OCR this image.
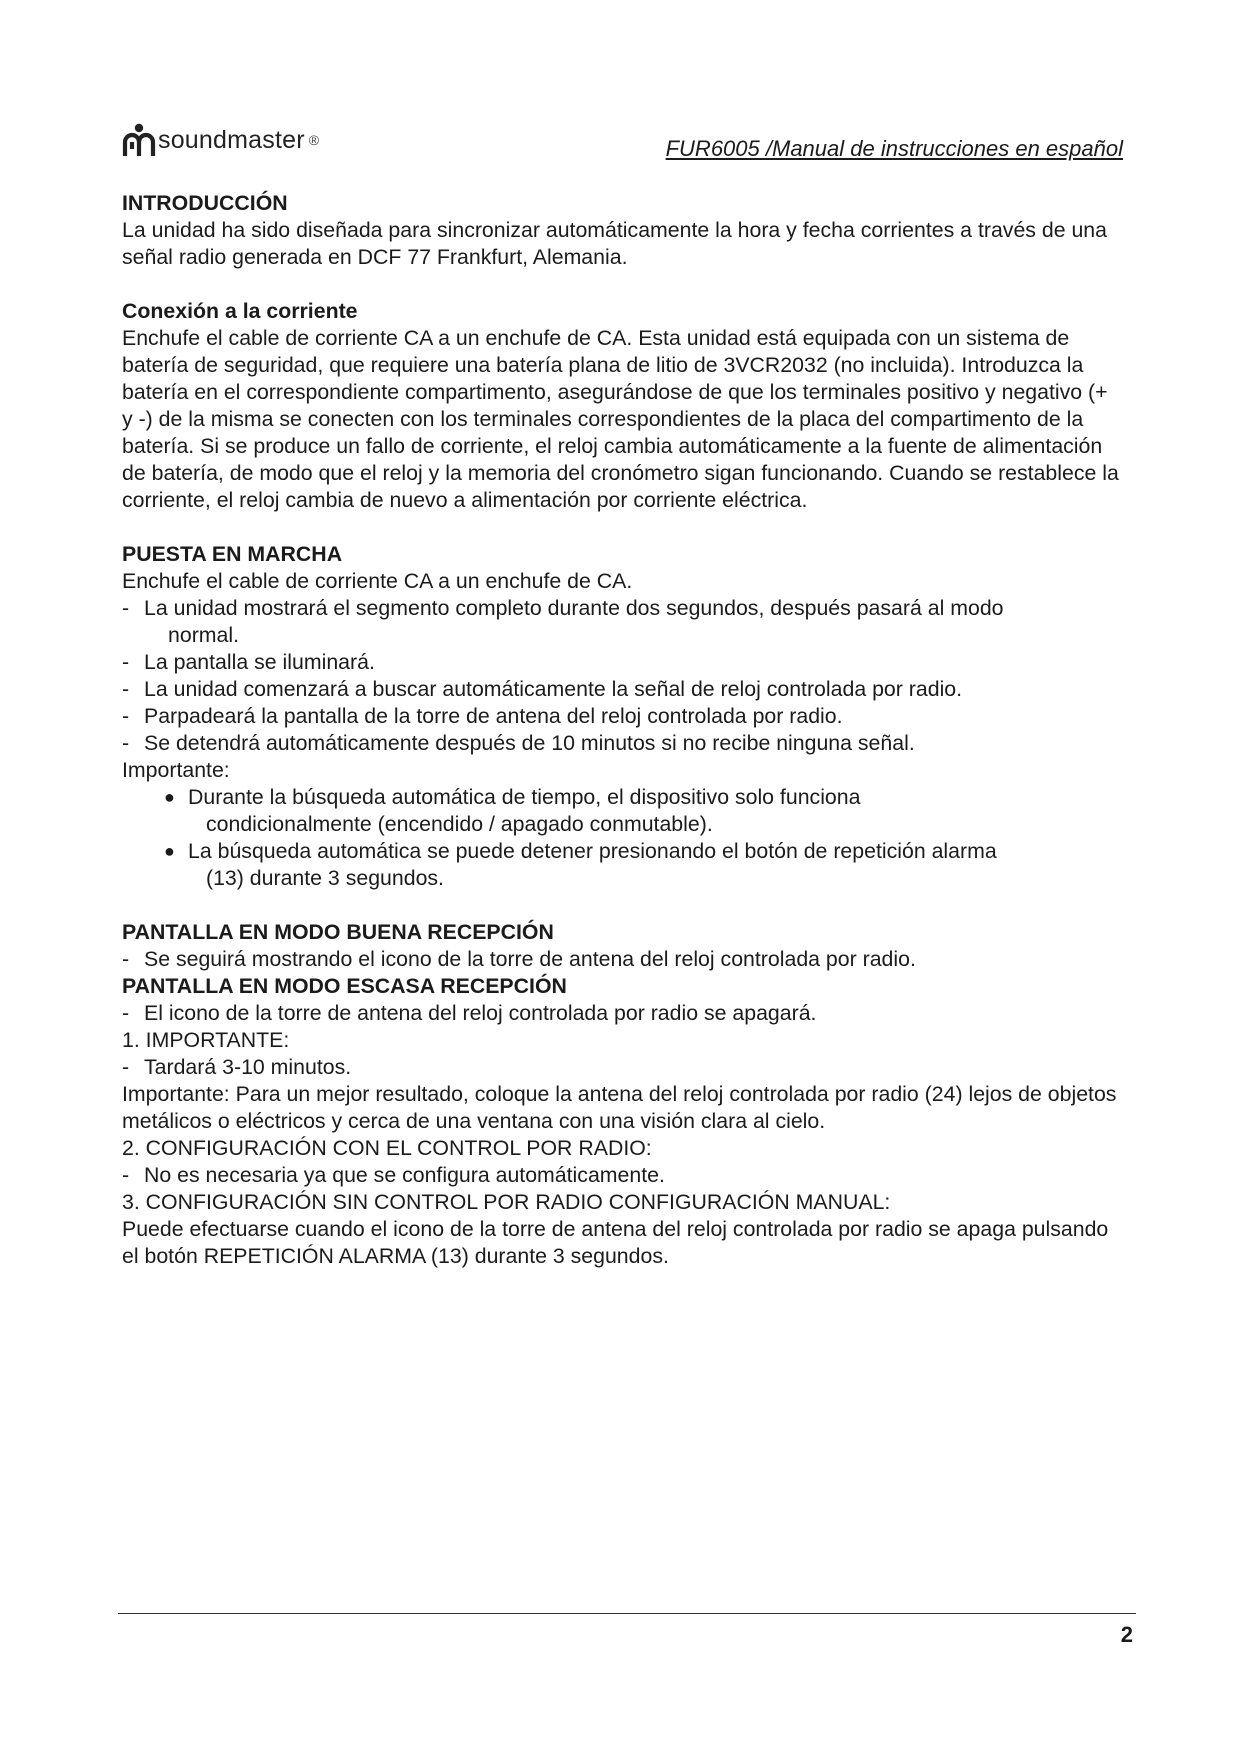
soundmaster ®	FUR6005 /Manual de instrucciones en español
INTRODUCCIÓN

La unidad ha sido diseñada para sincronizar automáticamente la hora y fecha corrientes a través de una señal radio generada en DCF 77 Frankfurt, Alemania.

Conexión a la corriente

Enchufe el cable de corriente CA a un enchufe de CA. Esta unidad está equipada con un sistema de batería de seguridad, que requiere una batería plana de litio de 3VCR2032 (no incluida). Introduzca la batería en el correspondiente compartimento, asegurándose de que los terminales positivo y negativo (+ y -) de la misma se conecten con los terminales correspondientes de la placa del compartimento de la batería. Si se produce un fallo de corriente, el reloj cambia automáticamente a la fuente de alimentación de batería, de modo que el reloj y la memoria del cronómetro sigan funcionando. Cuando se restablece la corriente, el reloj cambia de nuevo a alimentación por corriente eléctrica.

PUESTA EN MARCHA

Enchufe el cable de corriente CA a un enchufe de CA.

- La unidad mostrará el segmento completo durante dos segundos, después pasará al modo
normal.
- La pantalla se iluminará.
- La unidad comenzará a buscar automáticamente la señal de reloj controlada por radio.
- Parpadeará la pantalla de la torre de antena del reloj controlada por radio.
- Se detendrá automáticamente después de 10 minutos si no recibe ninguna señal.

Importante:

● Durante la búsqueda automática de tiempo, el dispositivo solo funciona
condicionalmente (encendido / apagado conmutable).
● La búsqueda automática se puede detener presionando el botón de repetición alarma
(13) durante 3 segundos.
PANTALLA EN MODO BUENA RECEPCIÓN
- Se seguirá mostrando el icono de la torre de antena del reloj controlada por radio.
PANTALLA EN MODO ESCASA RECEPCIÓN
- El icono de la torre de antena del reloj controlada por radio se apagará.

1. IMPORTANTE:

- Tardará 3-10 minutos.

Importante: Para un mejor resultado, coloque la antena del reloj controlada por radio (24) lejos de objetos metálicos o eléctricos y cerca de una ventana con una visión clara al cielo.

2. CONFIGURACIÓN CON EL CONTROL POR RADIO:

- No es necesaria ya que se configura automáticamente.

3. CONFIGURACIÓN SIN CONTROL POR RADIO CONFIGURACIÓN MANUAL:

Puede efectuarse cuando el icono de la torre de antena del reloj controlada por radio se apaga pulsando el botón REPETICIÓN ALARMA (13) durante 3 segundos.

2
